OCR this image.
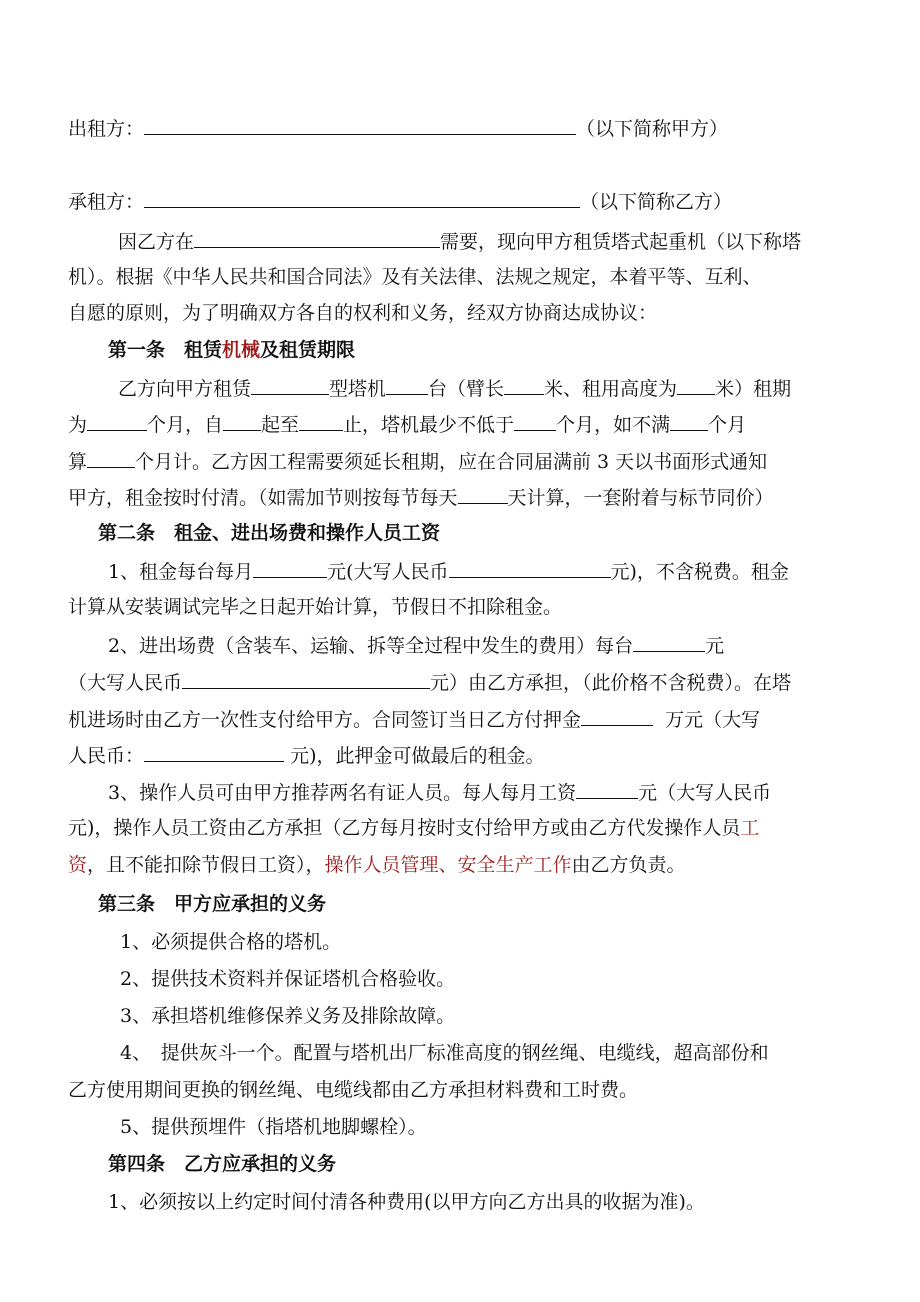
出租方：	（以下简称甲方）
承租方：	（以下简称乙方）
因乙方在	需要，现向甲方租赁塔式起重机（以下称塔
机）。根据《中华人民共和国合同法》及有关法律、法规之规定，本着平等、互利、
自愿的原则，为了明确双方各自的权利和义务，经双方协商达成协议：
第一条　租赁机械及租赁期限
乙方向甲方租赁	型塔机 台（臂长 米、租用高度为 米）租期
为	个月，自 起至 止，塔机最少不低于 个月，如不满 个月
算	个月计。乙方因工程需要须延长租期，应在合同届满前 3 天以书面形式通知
甲方，租金按时付清。（如需加节则按每节每天	天计算，一套附着与标节同价）
第二条　租金、进出场费和操作人员工资
1、租金每台每月	元(大写人民币	元)，不含税费。租金
计算从安装调试完毕之日起开始计算，节假日不扣除租金。
2、进出场费（含装车、运输、拆等全过程中发生的费用）每台	元
（大写人民币	元）由乙方承担，（此价格不含税费）。在塔
机进场时由乙方一次性支付给甲方。合同签订当日乙方付押金	万元（大写
人民币：	元)，此押金可做最后的租金。
3、操作人员可由甲方推荐两名有证人员。每人每月工资	元（大写人民币
元)，操作人员工资由乙方承担（乙方每月按时支付给甲方或由乙方代发操作人员工
资，且不能扣除节假日工资），操作人员管理、安全生产工作由乙方负责。
第三条　甲方应承担的义务
1、必须提供合格的塔机。
2、提供技术资料并保证塔机合格验收。
3、承担塔机维修保养义务及排除故障。
4、　提供灰斗一个。配置与塔机出厂标准高度的钢丝绳、电缆线，超高部份和
乙方使用期间更换的钢丝绳、电缆线都由乙方承担材料费和工时费。
5、提供预埋件（指塔机地脚螺栓）。
第四条　乙方应承担的义务
1、必须按以上约定时间付清各种费用(以甲方向乙方出具的收据为准)。
